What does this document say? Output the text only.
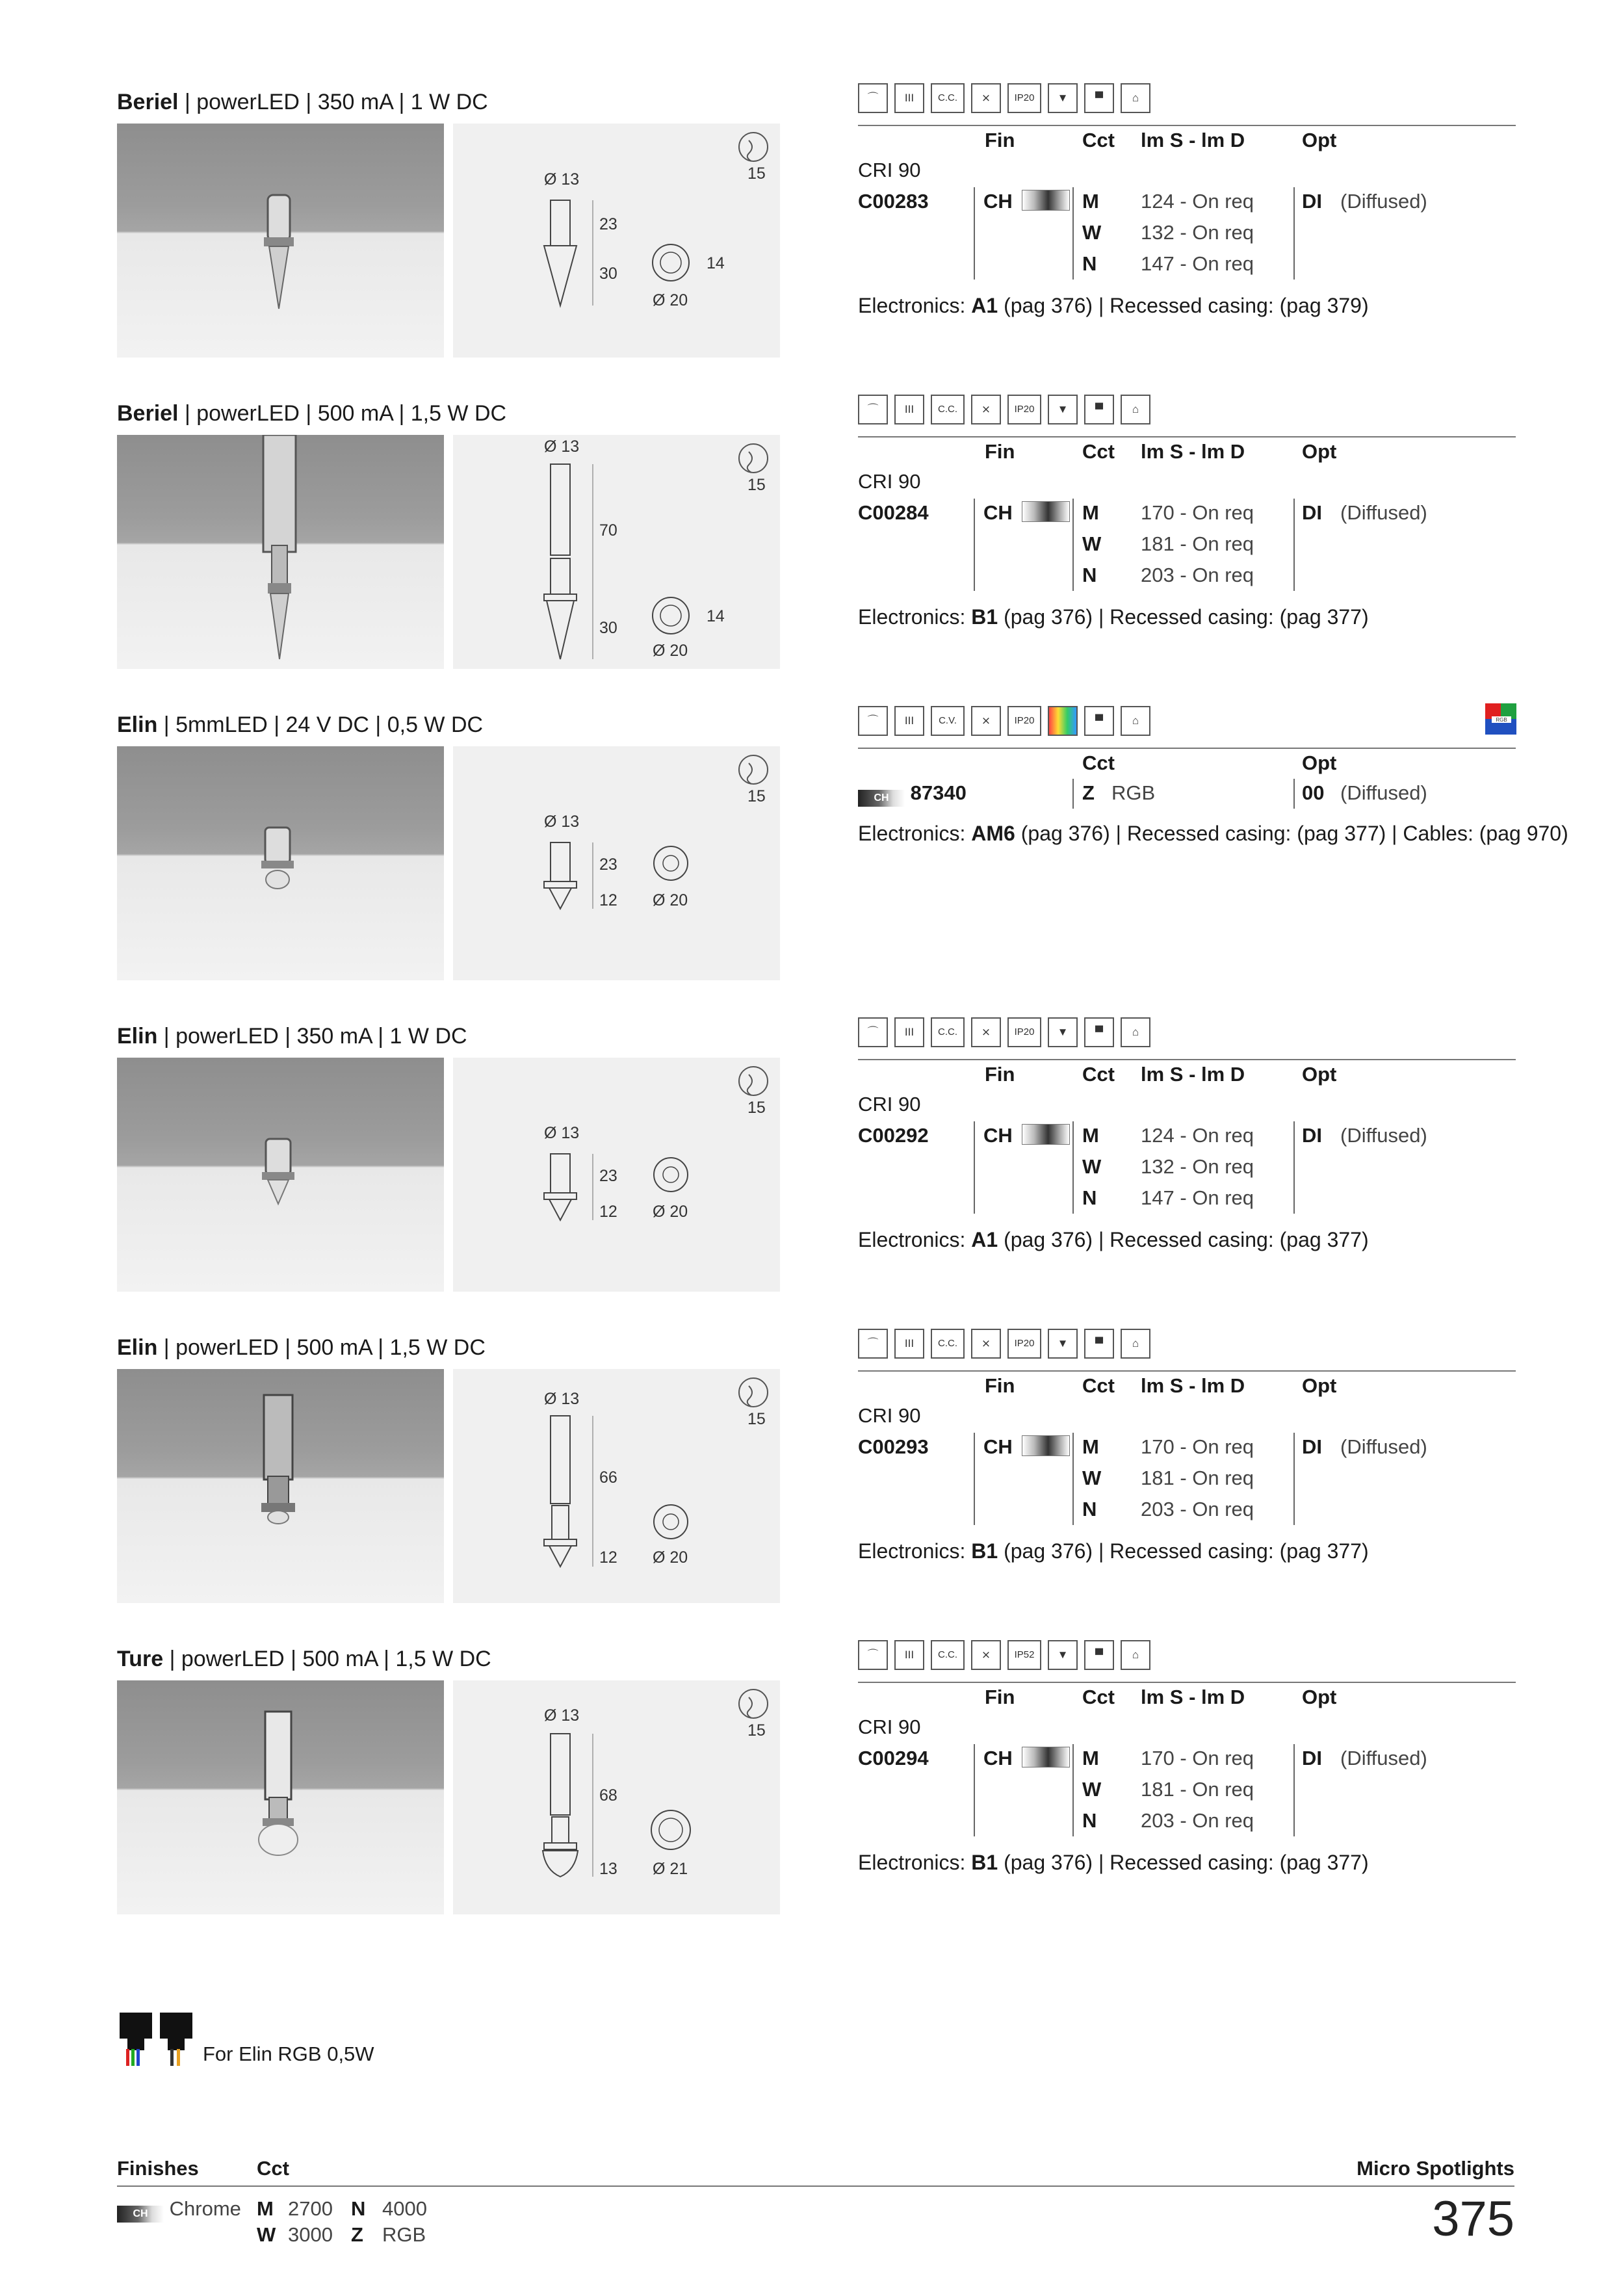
Beriel | powerLED | 350 mA | 1 W DC
15
Ø 13
23
30
14
Ø 20
⌒ III C.C. ⨯ IP20 ▼ ▀	⌂
Fin	Cct lm S - lm D	Opt
CRI 90
C00283	CH	M 124 - On req
W 132 - On req
N 147 - On req
DI (Diffused)
Electronics: A1 (pag 376) | Recessed casing: (pag 379)
Beriel | powerLED | 500 mA | 1,5 W DC
15
Ø 13
70
30
14
Ø 20
⌒ III C.C. ⨯ IP20 ▼ ▀	⌂
Fin	Cct lm S - lm D	Opt
CRI 90
C00284	CH	M 170 - On req
W 181 - On req
N 203 - On req
DI (Diffused)
Electronics: B1 (pag 376) | Recessed casing: (pag 377)
Elin | 5mmLED | 24 V DC | 0,5 W DC
15
Ø 13
23
12 Ø 20
⌒ III	C.V. ⨯ IP20	▀	⌂	RGB
Cct	Opt
CH 87340	Z RGB	00 (Diffused)
Electronics: AM6 (pag 376) | Recessed casing: (pag 377) | Cables: (pag 970)
Elin | powerLED | 350 mA | 1 W DC
15
Ø 13
23
12 Ø 20
⌒ III C.C. ⨯ IP20 ▼ ▀	⌂
Fin	Cct lm S - lm D	Opt
CRI 90
C00292	CH	M 124 - On req
W 132 - On req
N 147 - On req
DI (Diffused)
Electronics: A1 (pag 376) | Recessed casing: (pag 377)
Elin | powerLED | 500 mA | 1,5 W DC
15
Ø 13
66
12 Ø 20
⌒ III C.C. ⨯ IP20 ▼ ▀	⌂
Fin	Cct lm S - lm D	Opt
CRI 90
C00293	CH	M 170 - On req
W 181 - On req
N 203 - On req
DI (Diffused)
Electronics: B1 (pag 376) | Recessed casing: (pag 377)
Ture | powerLED | 500 mA | 1,5 W DC
15
Ø 13
68
13 Ø 21
⌒ III C.C. ⨯ IP52 ▼ ▀	⌂
Fin	Cct lm S - lm D	Opt
CRI 90
C00294	CH	M 170 - On req
W 181 - On req
N 203 - On req
DI (Diffused)
Electronics: B1 (pag 376) | Recessed casing: (pag 377)
For Elin RGB 0,5W
Finishes	Cct	Micro Spotlights
CH Chrome M 2700 N 4000
W 3000 Z RGB	375
